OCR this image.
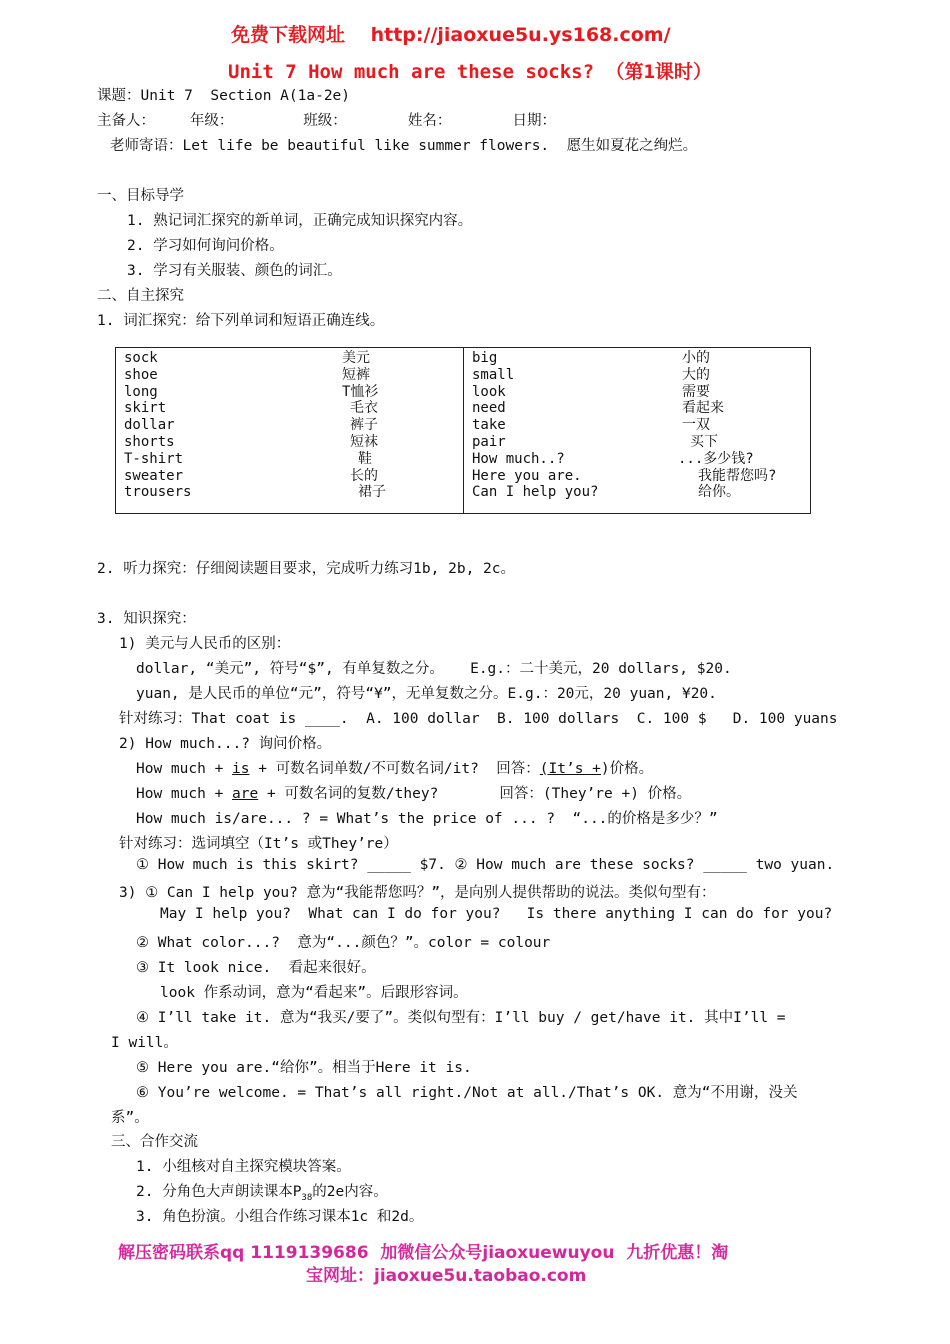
免费下载网址　 http://jiaoxue5u.ys168.com/
Unit 7 How much are these socks? （第1课时）
课题：Unit 7  Section A(1a-2e)
主备人：    年级：        班级：       姓名：       日期：
老师寄语：Let life be beautiful like summer flowers.  愿生如夏花之绚烂。
一、目标导学
1. 熟记词汇探究的新单词，正确完成知识探究内容。
2. 学习如何询问价格。
3. 学习有关服装、颜色的词汇。
二、自主探究
1. 词汇探究：给下列单词和短语正确连线。
sock
shoe
long
skirt
dollar
shorts
T-shirt
sweater
trousers
美元
短裤
T恤衫
毛衣
裤子
短袜
鞋
长的
裙子
big
small
look
need
take
pair
How much..?
Here you are.
Can I help you?
小的
大的
需要
看起来
一双
买下
...多少钱?
我能帮您吗?
给你。
2. 听力探究：仔细阅读题目要求，完成听力练习1b, 2b, 2c。
3. 知识探究：
1) 美元与人民币的区别：
dollar, “美元”, 符号“$”, 有单复数之分。   E.g.：二十美元，20 dollars, $20.
yuan, 是人民币的单位“元”，符号“¥”，无单复数之分。E.g.：20元，20 yuan, ¥20.
针对练习：That coat is ____.  A. 100 dollar  B. 100 dollars  C. 100 $   D. 100 yuans
2) How much...? 询问价格。
How much + is + 可数名词单数/不可数名词/it?  回答：(It’s +)价格。
How much + are + 可数名词的复数/they?       回答：(They’re +) 价格。
How much is/are... ? = What’s the price of ... ?  “...的价格是多少？”
针对练习：选词填空（It’s 或They’re）
① How much is this skirt? _____ $7. ② How much are these socks? _____ two yuan.
3) ① Can I help you? 意为“我能帮您吗？”，是向别人提供帮助的说法。类似句型有：
May I help you?  What can I do for you?   Is there anything I can do for you?
② What color...?  意为“...颜色？”。color = colour
③ It look nice.  看起来很好。
look 作系动词，意为“看起来”。后跟形容词。
④ I’ll take it. 意为“我买/要了”。类似句型有：I’ll buy / get/have it. 其中I’ll =
I will。
⑤ Here you are.“给你”。相当于Here it is.
⑥ You’re welcome. = That’s all right./Not at all./That’s OK. 意为“不用谢，没关
系”。
三、合作交流
1. 小组核对自主探究模块答案。
2. 分角色大声朗读课本$P_{38}$的2e内容。
3. 角色扮演。小组合作练习课本1c 和2d。
解压密码联系qq 1119139686  加微信公众号jiaoxuewuyou  九折优惠！淘
宝网址：jiaoxue5u.taobao.com
